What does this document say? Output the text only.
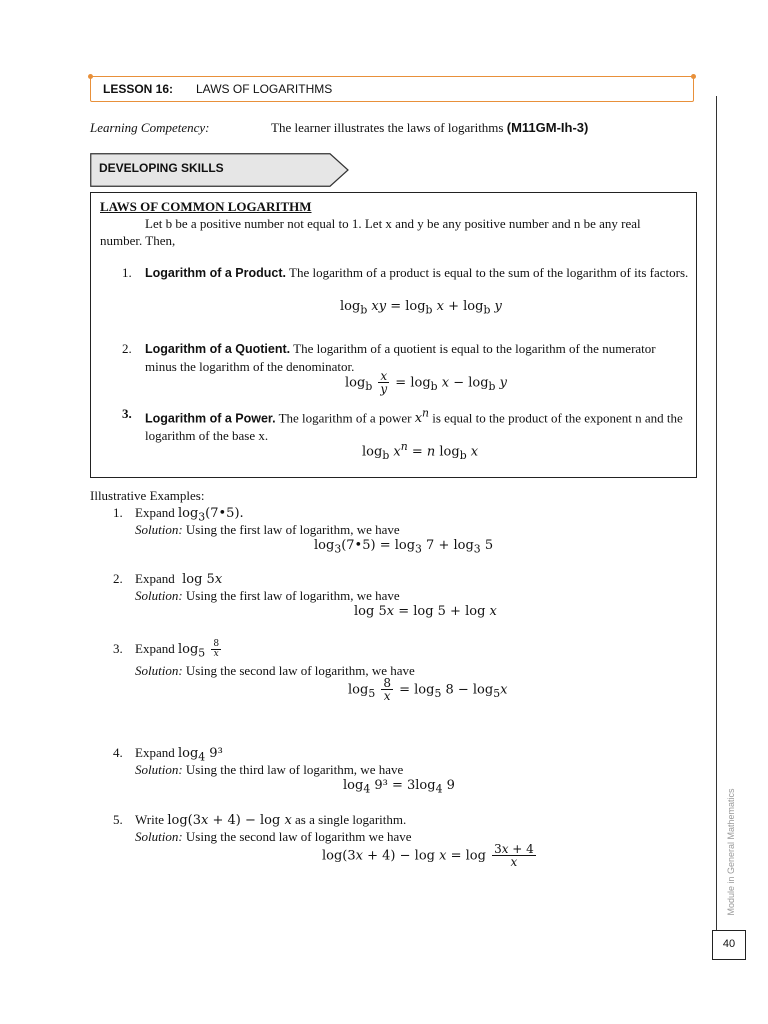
LESSON 16: LAWS OF LOGARITHMS
Learning Competency:	The learner illustrates the laws of logarithms (M11GM-Ih-3)
DEVELOPING SKILLS
LAWS OF COMMON LOGARITHM
Let b be a positive number not equal to 1. Let x and y be any positive number and n be any real number. Then,
1. Logarithm of a Product. The logarithm of a product is equal to the sum of the logarithm of its factors.
$\log_b$ xy = $\log_b x + \log_b y$
2. Logarithm of a Quotient. The logarithm of a quotient is equal to the logarithm of the numerator minus the logarithm of the denominator.
$\log_b \frac{x}{y} = \log_b x - \log_b y$
3. Logarithm of a Power. The logarithm of a power $x^n$ is equal to the product of the exponent n and the logarithm of the base x.
$\log_b x^n = n$ $\log_b x$
Illustrative Examples:
1. Expand $\log_3(7•5)$.
Solution: Using the first law of logarithm, we have
$\log_3(7•5) = \log_3 7 + \log_3 5$
2. Expand  log 5x
Solution: Using the first law of logarithm, we have
log 5x = log 5 + log x
3. Expand $\log_5 \frac{8}{x}$
Solution: Using the second law of logarithm, we have
$\log_5 \frac{8}{x} = \log_5 8 - \log_5x$
4. Expand $\log_4 9^3$
Solution: Using the third law of logarithm, we have
$\log_4 9^3 = 3\log_4$ 9
5. Write log(3x + 4) − log x as a single logarithm.
Solution: Using the second law of logarithm we have
$\log(3x + 4) - \log x = \log \frac{3x + 4}{x}$	Module in General Mathematics
40
